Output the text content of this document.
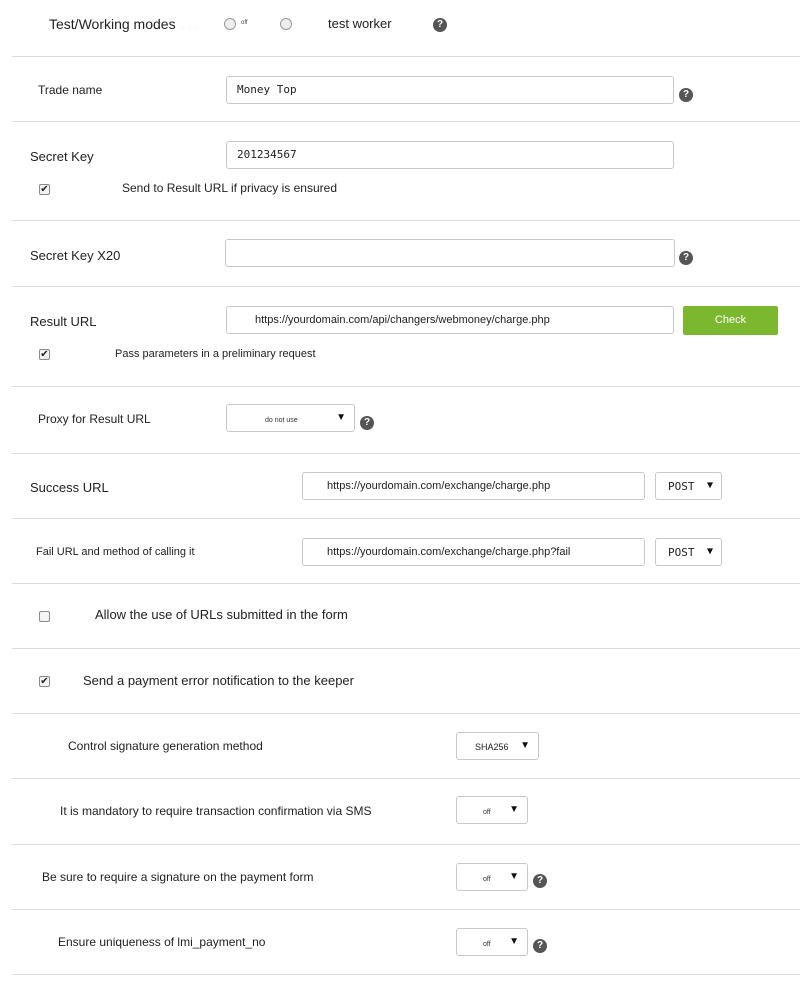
Test/Working modes . . .	off	test worker	?
Trade name	Money Top	?
Secret Key	201234567
✔	Send to Result URL if privacy is ensured
Secret Key X20	?
Result URL	https://yourdomain.com/api/changers/webmoney/charge.php	Check
✔	Pass parameters in a preliminary request
Proxy for Result URL	do not use	▼	?
Success URL	https://yourdomain.com/exchange/charge.php	POST ▼
Fail URL and method of calling it	https://yourdomain.com/exchange/charge.php?fail	POST ▼
Allow the use of URLs submitted in the form
✔	Send a payment error notification to the keeper
Control signature generation method	SHA256 ▼
It is mandatory to require transaction confirmation via SMS	off ▼
Be sure to require a signature on the payment form	off ▼	?
Ensure uniqueness of lmi_payment_no	off ▼	?
